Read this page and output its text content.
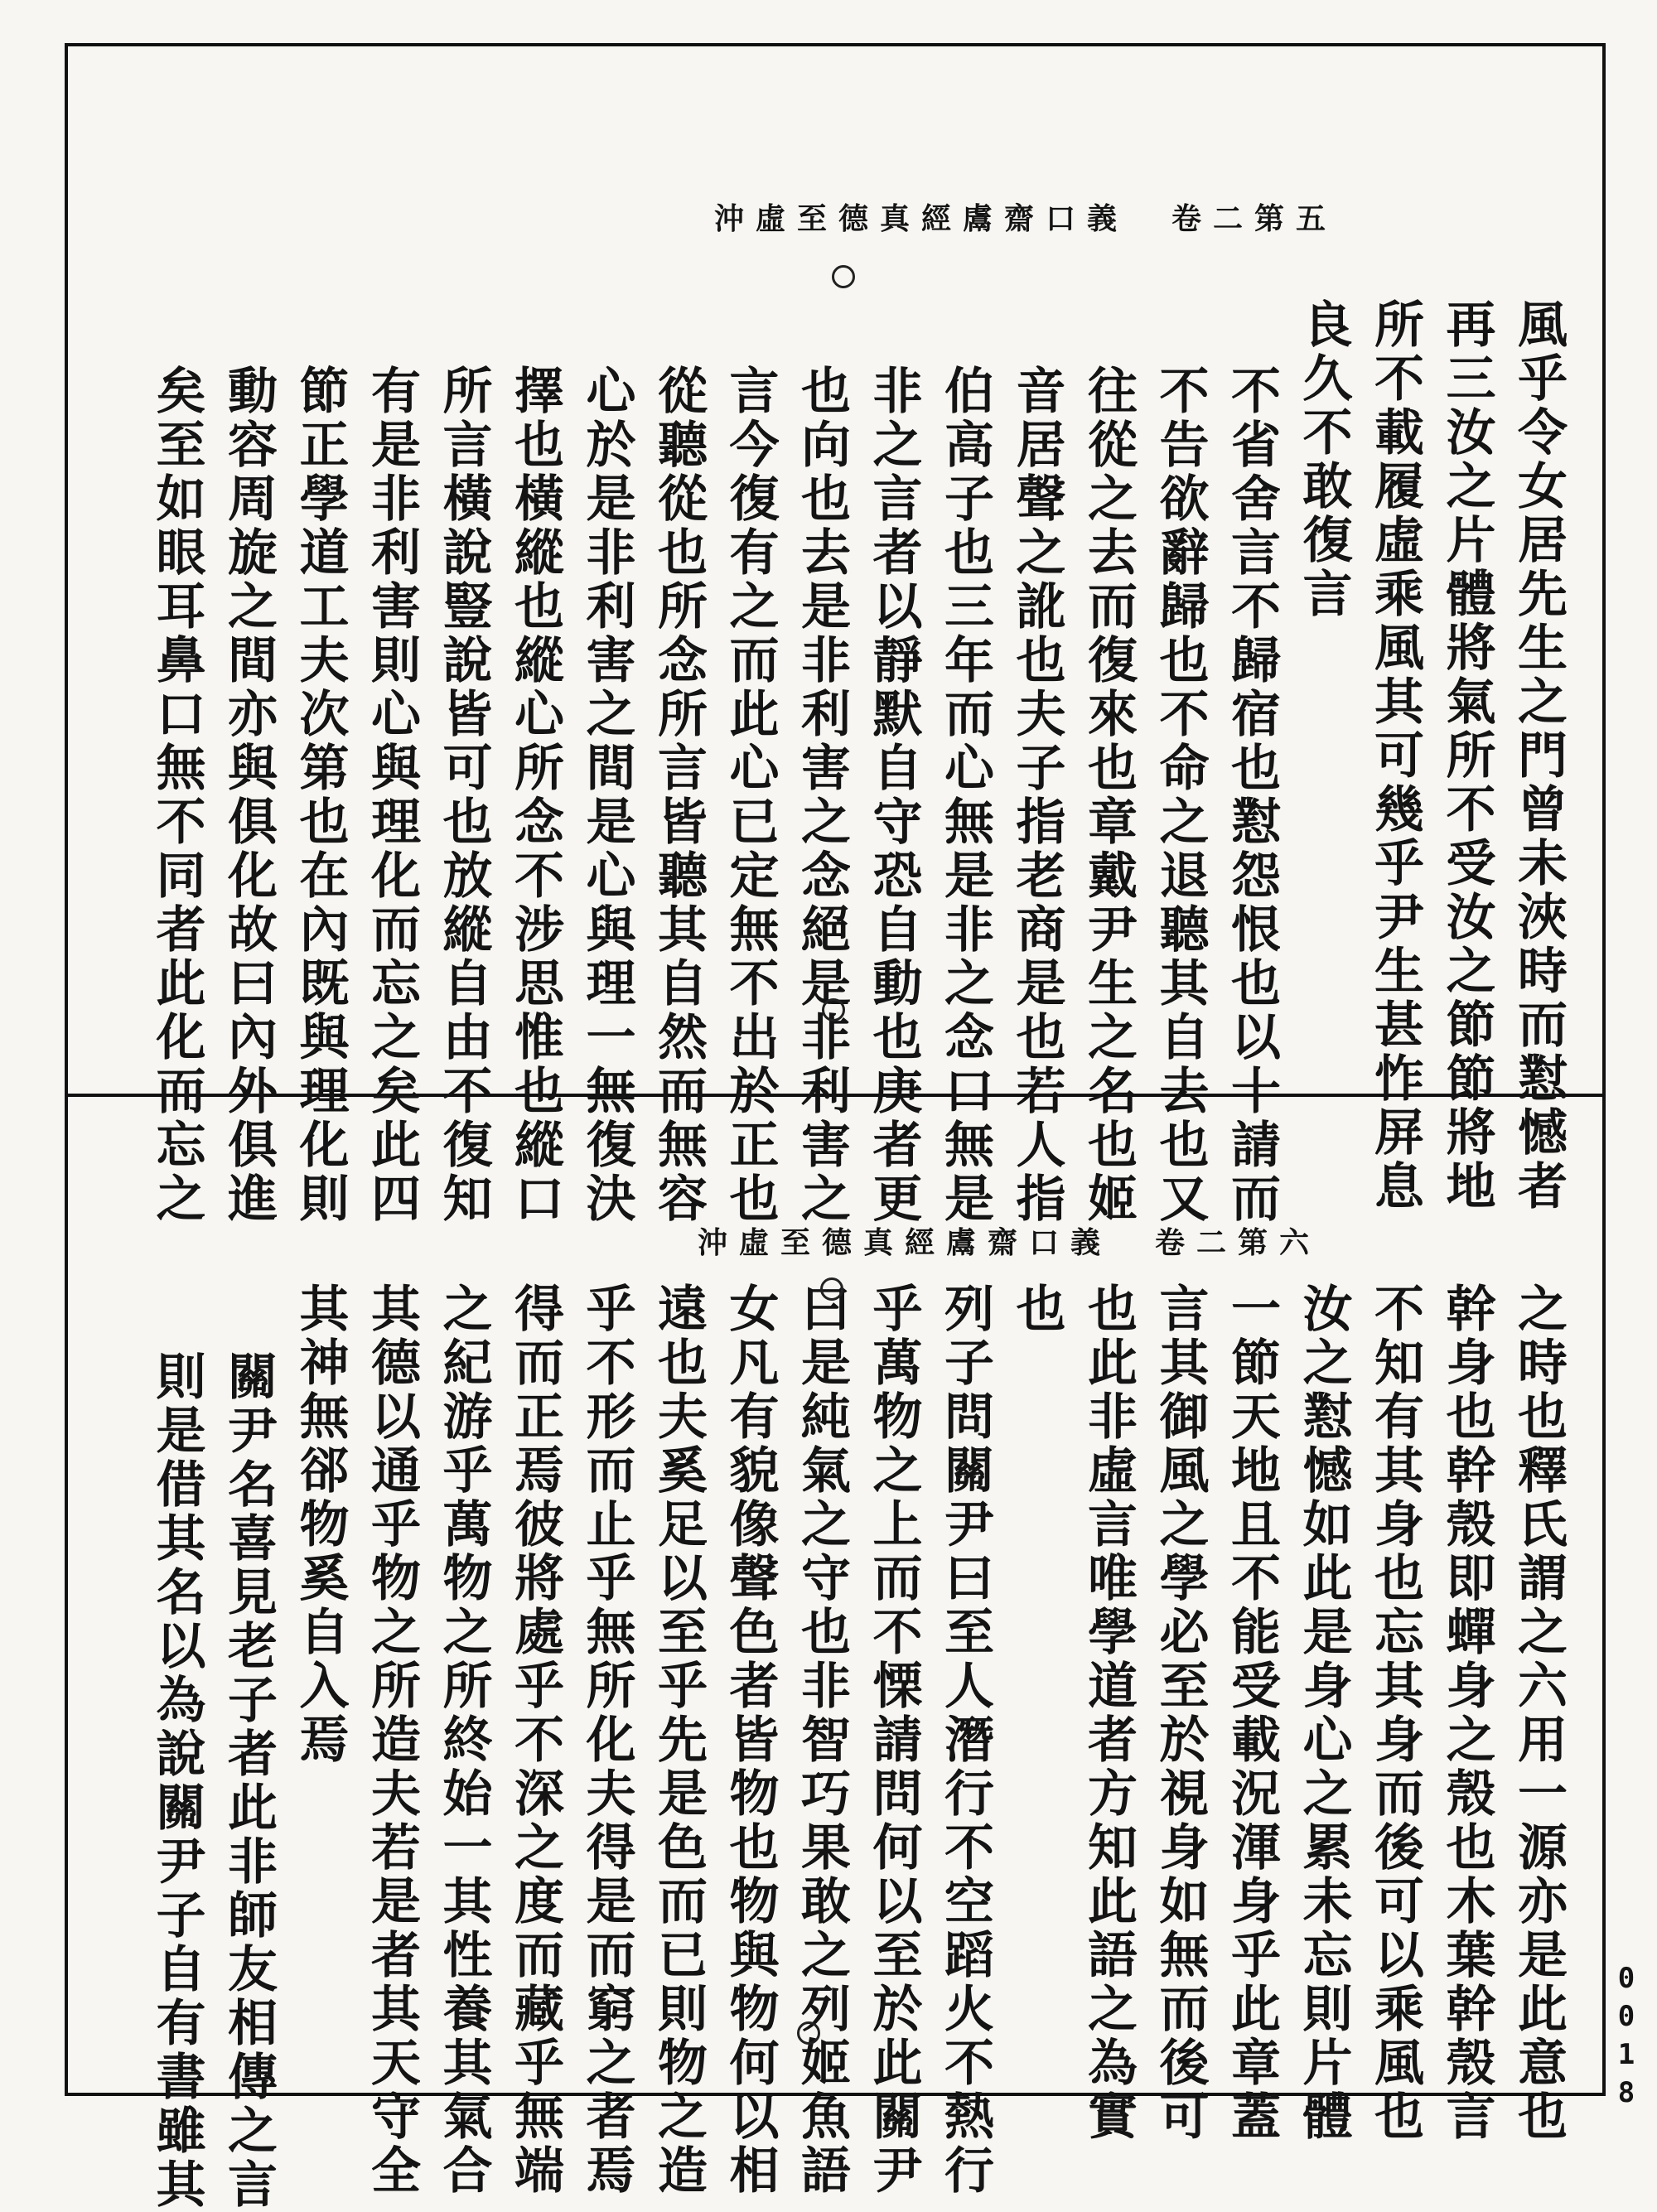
沖虛至德真經鬳齋口義 卷二第五
風乎令女居先生之門曾未浹時而懟憾者
再三汝之片體將氣所不受汝之節節將地
所不載履虛乘風其可幾乎尹生甚怍屏息
良久不敢復言
不省舍言不歸宿也懟怨恨也以十請而
不告欲辭歸也不命之退聽其自去也又
往從之去而復來也章戴尹生之名也姬
音居聲之訛也夫子指老商是也若人指
伯高子也三年而心無是非之念口無是
非之言者以靜默自守恐自動也庚者更
也向也去是非利害之念絕是非利害之
言今復有之而此心已定無不出於正也
從聽從也所念所言皆聽其自然而無容
心於是非利害之間是心與理一無復決
擇也橫縱也縱心所念不涉思惟也縱口
所言橫說豎說皆可也放縱自由不復知
有是非利害則心與理化而忘之矣此四
節正學道工夫次第也在內既與理化則
動容周旋之間亦與俱化故曰內外俱進
矣至如眼耳鼻口無不同者此化而忘之
沖虛至德真經鬳齋口義 卷二第六
之時也釋氏謂之六用一源亦是此意也
幹身也幹殼即蟬身之殼也木葉幹殼言
不知有其身也忘其身而後可以乘風也
汝之懟憾如此是身心之累未忘則片體
一節天地且不能受載況渾身乎此章蓋
言其御風之學必至於視身如無而後可
也此非虛言唯學道者方知此語之為實
也
列子問關尹曰至人潛行不空蹈火不熱行
乎萬物之上而不慄請問何以至於此關尹
曰是純氣之守也非智巧果敢之列姬魚語
女凡有貌像聲色者皆物也物與物何以相
遠也夫奚足以至乎先是色而已則物之造
乎不形而止乎無所化夫得是而窮之者焉
得而正焉彼將處乎不深之度而藏乎無端
之紀游乎萬物之所終始一其性養其氣合
其德以通乎物之所造夫若是者其天守全
其神無郤物奚自入焉
關尹名喜見老子者此非師友相傳之言
則是借其名以為說關尹子自有書雖其	0018
